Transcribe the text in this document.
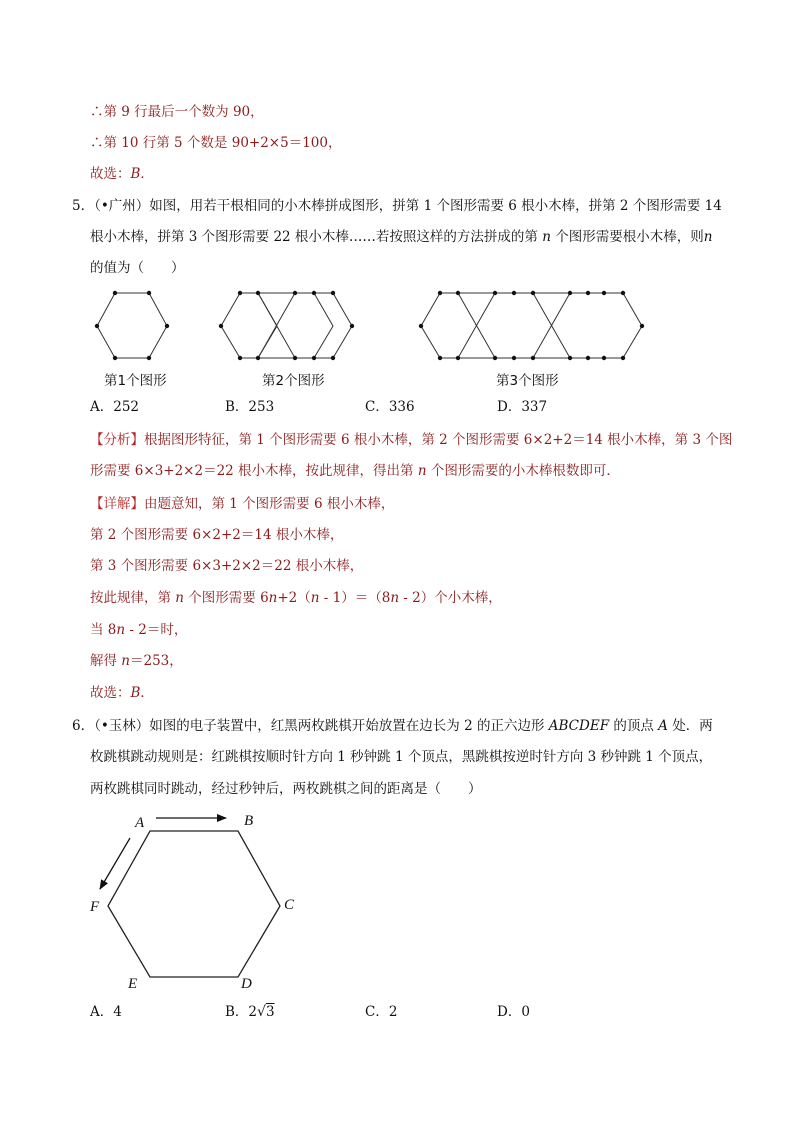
∴第 9 行最后一个数为 90，
∴第 10 行第 5 个数是 90+2×5＝100，
故选：B．
5．（•广州）如图，用若干根相同的小木棒拼成图形，拼第 1 个图形需要 6 根小木棒，拼第 2 个图形需要 14
根小木棒，拼第 3 个图形需要 22 根小木棒……若按照这样的方法拼成的第 n 个图形需要根小木棒，则n
的值为（　　）
第1个图形	第2个图形	第3个图形
A．252	B．253	C．336	D．337
【分析】根据图形特征，第 1 个图形需要 6 根小木棒，第 2 个图形需要 6×2+2＝14 根小木棒，第 3 个图
形需要 6×3+2×2＝22 根小木棒，按此规律，得出第 n 个图形需要的小木棒根数即可．
【详解】由题意知，第 1 个图形需要 6 根小木棒，
第 2 个图形需要 6×2+2＝14 根小木棒，
第 3 个图形需要 6×3+2×2＝22 根小木棒，
按此规律，第 n 个图形需要 6n+2（n - 1）＝（8n - 2）个小木棒，
当 8n - 2＝时，
解得 n＝253，
故选：B．
6．（•玉林）如图的电子装置中，红黑两枚跳棋开始放置在边长为 2 的正六边形 ABCDEF 的顶点 A 处．两
枚跳棋跳动规则是：红跳棋按顺时针方向 1 秒钟跳 1 个顶点，黑跳棋按逆时针方向 3 秒钟跳 1 个顶点，
两枚跳棋同时跳动，经过秒钟后，两枚跳棋之间的距离是（　　）
A	B
C
D
E
F
A．4	B．2√3	C．2	D．0
